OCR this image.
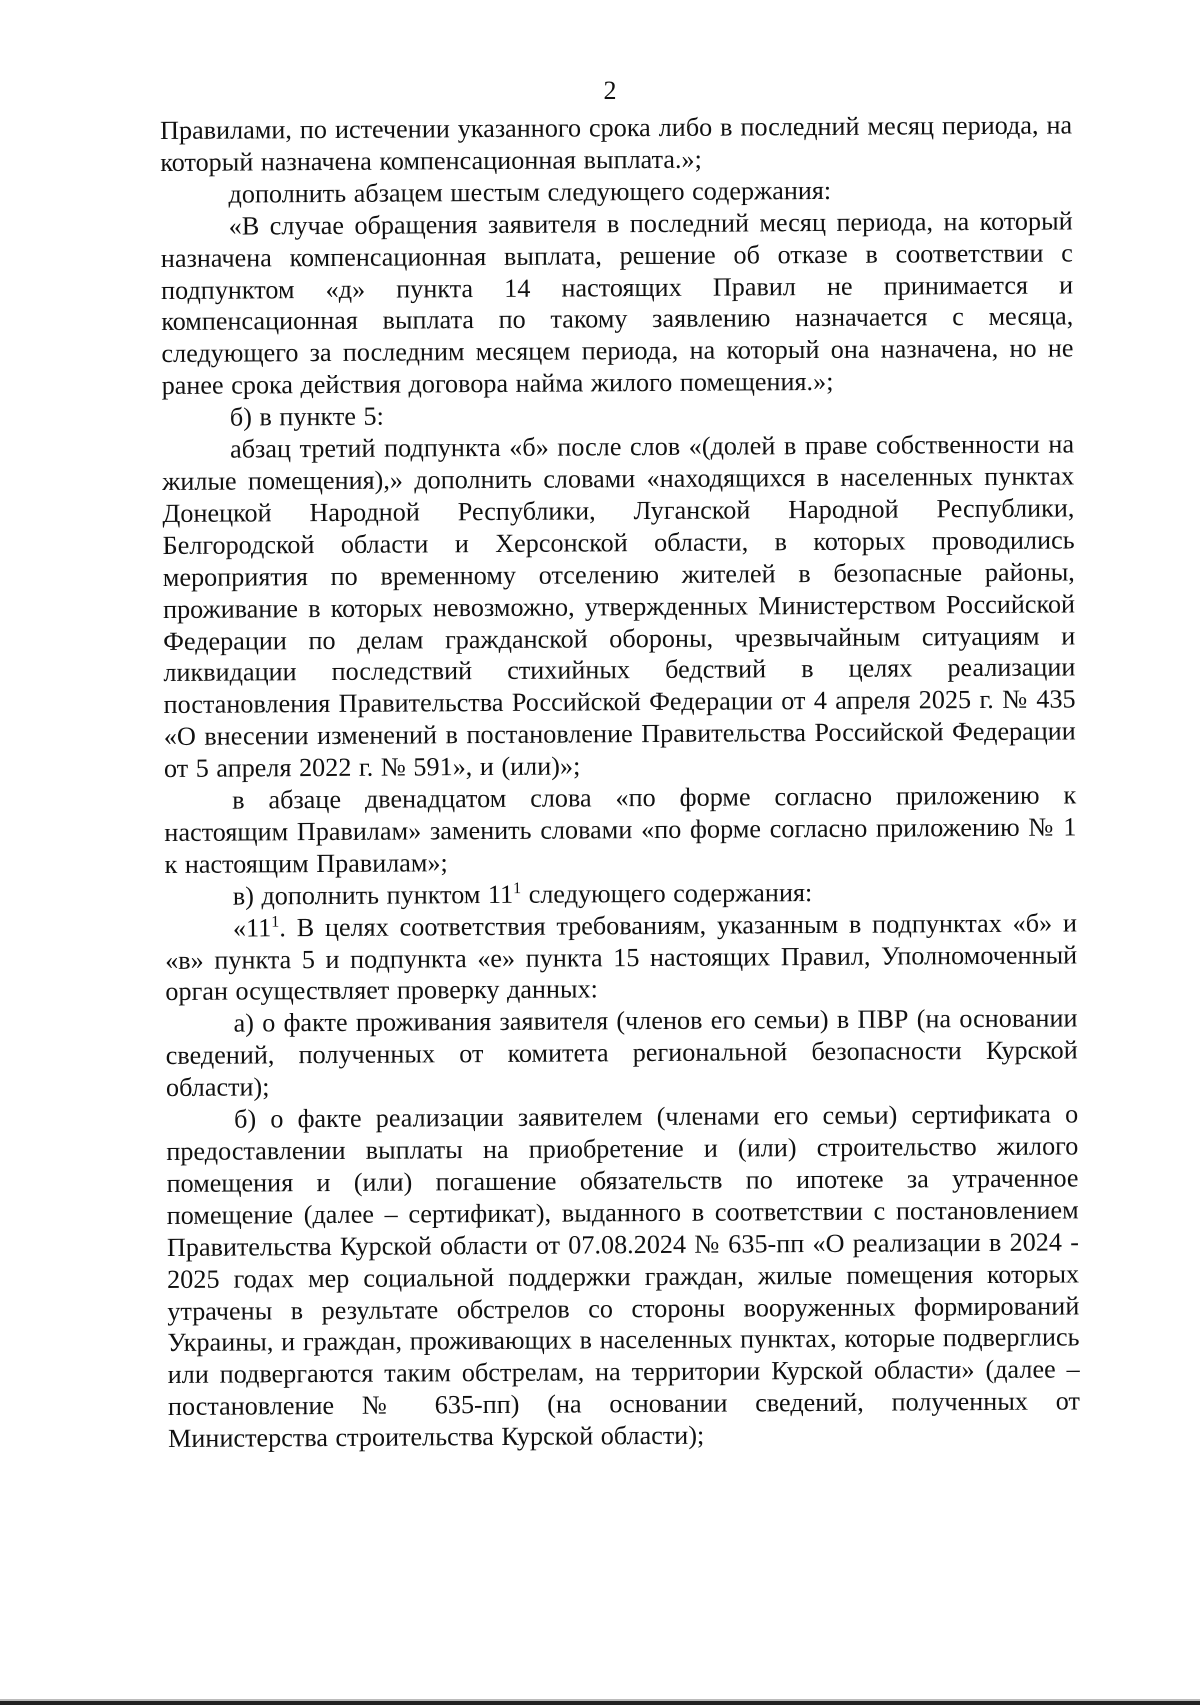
2

Правилами, по истечении указанного срока либо в последний месяц периода, на который назначена компенсационная выплата.»;

дополнить абзацем шестым следующего содержания:

«В случае обращения заявителя в последний месяц периода, на который назначена компенсационная выплата, решение об отказе в соответствии с подпунктом «д» пункта 14 настоящих Правил не принимается и компенсационная выплата по такому заявлению назначается с месяца, следующего за последним месяцем периода, на который она назначена, но не ранее срока действия договора найма жилого помещения.»;

б) в пункте 5:

абзац третий подпункта «б» после слов «(долей в праве собственности на жилые помещения),» дополнить словами «находящихся в населенных пунктах Донецкой Народной Республики, Луганской Народной Республики, Белгородской области и Херсонской области, в которых проводились мероприятия по временному отселению жителей в безопасные районы, проживание в которых невозможно, утвержденных Министерством Российской Федерации по делам гражданской обороны, чрезвычайным ситуациям и ликвидации последствий стихийных бедствий в целях реализации постановления Правительства Российской Федерации от 4 апреля 2025 г. № 435 «О внесении изменений в постановление Правительства Российской Федерации от 5 апреля 2022 г. № 591», и (или)»;

в абзаце двенадцатом слова «по форме согласно приложению к настоящим Правилам» заменить словами «по форме согласно приложению № 1 к настоящим Правилам»;

в) дополнить пунктом $11^1$ следующего содержания:

«$11^1$. В целях соответствия требованиям, указанным в подпунктах «б» и «в» пункта 5 и подпункта «е» пункта 15 настоящих Правил, Уполномоченный орган осуществляет проверку данных:

а) о факте проживания заявителя (членов его семьи) в ПВР (на основании сведений, полученных от комитета региональной безопасности Курской области);

б) о факте реализации заявителем (членами его семьи) сертификата о предоставлении выплаты на приобретение и (или) строительство жилого помещения и (или) погашение обязательств по ипотеке за утраченное помещение (далее – сертификат), выданного в соответствии с постановлением Правительства Курской области от 07.08.2024 № 635-пп «О реализации в 2024 - 2025 годах мер социальной поддержки граждан, жилые помещения которых утрачены в результате обстрелов со стороны вооруженных формирований Украины, и граждан, проживающих в населенных пунктах, которые подверглись или подвергаются таким обстрелам, на территории Курской области» (далее – постановление № 635-пп) (на основании сведений, полученных от Министерства строительства Курской области);
